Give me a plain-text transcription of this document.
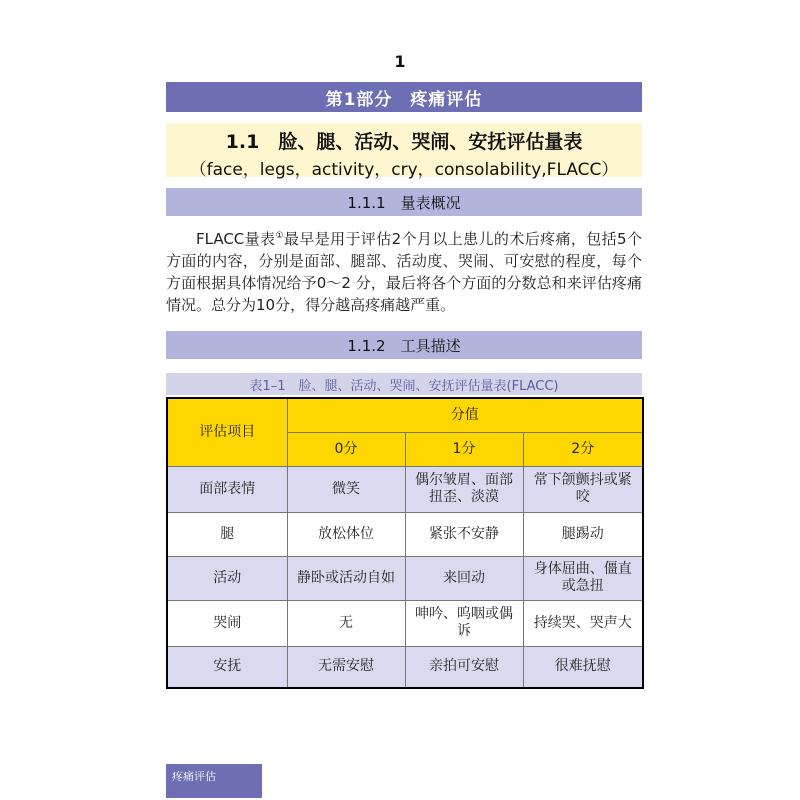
1
第1部分　疼痛评估
1.1　脸、腿、活动、哭闹、安抚评估量表
（face，legs，activity，cry，consolability,FLACC）
1.1.1　量表概况

FLACC量表①最早是用于评估2个月以上患儿的术后疼痛，包括5个方面的内容，分别是面部、腿部、活动度、哭闹、可安慰的程度，每个方面根据具体情况给予0～2 分，最后将各个方面的分数总和来评估疼痛情况。总分为10分，得分越高疼痛越严重。

1.1.2　工具描述
表1–1　脸、腿、活动、哭闹、安抚评估量表(FLACC)
评估项目	分值		
	0分	1分	2分
面部表情	微笑	偶尔皱眉、面部扭歪、淡漠	常下颌颤抖或紧咬
腿	放松体位	紧张不安静	腿踢动
活动	静卧或活动自如	来回动	身体屈曲、僵直或急扭
哭闹	无	呻吟、呜咽或偶诉	持续哭、哭声大
安抚	无需安慰	亲拍可安慰	很难抚慰
疼痛评估
